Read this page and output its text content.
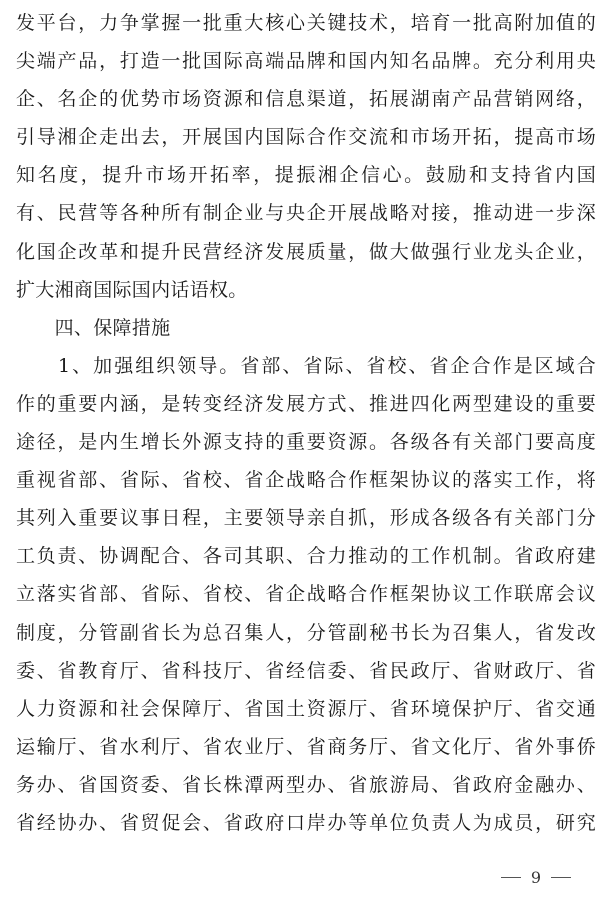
发平台，力争掌握一批重大核心关键技术，培育一批高附加值的
尖端产品，打造一批国际高端品牌和国内知名品牌。充分利用央
企、名企的优势市场资源和信息渠道，拓展湖南产品营销网络，
引导湘企走出去，开展国内国际合作交流和市场开拓，提高市场
知名度，提升市场开拓率，提振湘企信心。鼓励和支持省内国
有、民营等各种所有制企业与央企开展战略对接，推动进一步深
化国企改革和提升民营经济发展质量，做大做强行业龙头企业，
扩大湘商国际国内话语权。
　　四、保障措施
　　1、加强组织领导。省部、省际、省校、省企合作是区域合
作的重要内涵，是转变经济发展方式、推进四化两型建设的重要
途径，是内生增长外源支持的重要资源。各级各有关部门要高度
重视省部、省际、省校、省企战略合作框架协议的落实工作，将
其列入重要议事日程，主要领导亲自抓，形成各级各有关部门分
工负责、协调配合、各司其职、合力推动的工作机制。省政府建
立落实省部、省际、省校、省企战略合作框架协议工作联席会议
制度，分管副省长为总召集人，分管副秘书长为召集人，省发改
委、省教育厅、省科技厅、省经信委、省民政厅、省财政厅、省
人力资源和社会保障厅、省国土资源厅、省环境保护厅、省交通
运输厅、省水利厅、省农业厅、省商务厅、省文化厅、省外事侨
务办、省国资委、省长株潭两型办、省旅游局、省政府金融办、
省经协办、省贸促会、省政府口岸办等单位负责人为成员，研究
9
